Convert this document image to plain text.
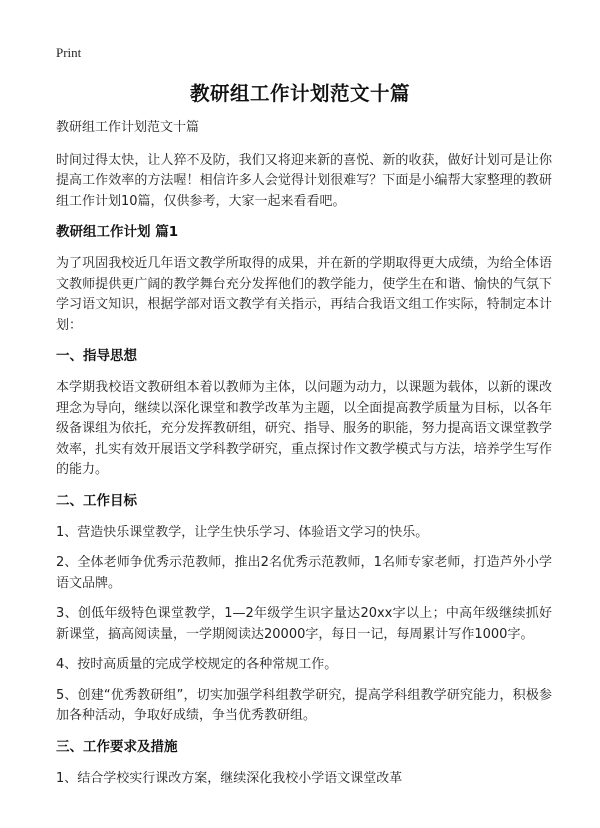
Print
教研组工作计划范文十篇

教研组工作计划范文十篇

时间过得太快，让人猝不及防，我们又将迎来新的喜悦、新的收获，做好计划可是让你提高工作效率的方法喔！相信许多人会觉得计划很难写？下面是小编帮大家整理的教研组工作计划10篇，仅供参考，大家一起来看看吧。

教研组工作计划 篇1

为了巩固我校近几年语文教学所取得的成果，并在新的学期取得更大成绩，为给全体语文教师提供更广阔的教学舞台充分发挥他们的教学能力，使学生在和谐、愉快的气氛下学习语文知识，根据学部对语文教学有关指示，再结合我语文组工作实际，特制定本计划：

一、指导思想

本学期我校语文教研组本着以教师为主体，以问题为动力，以课题为载体，以新的课改理念为导向，继续以深化课堂和教学改革为主题，以全面提高教学质量为目标，以各年级备课组为依托，充分发挥教研组，研究、指导、服务的职能，努力提高语文课堂教学效率，扎实有效开展语文学科教学研究，重点探讨作文教学模式与方法，培养学生写作的能力。

二、工作目标

1、营造快乐课堂教学，让学生快乐学习、体验语文学习的快乐。

2、全体老师争优秀示范教师，推出2名优秀示范教师，1名师专家老师，打造芦外小学语文品牌。

3、创低年级特色课堂教学，1—2年级学生识字量达20xx字以上；中高年级继续抓好新课堂，搞高阅读量，一学期阅读达20000字，每日一记，每周累计写作1000字。

4、按时高质量的完成学校规定的各种常规工作。

5、创建“优秀教研组”，切实加强学科组教学研究，提高学科组教学研究能力，积极参加各种活动，争取好成绩，争当优秀教研组。

三、工作要求及措施

1、结合学校实行课改方案，继续深化我校小学语文课堂改革
